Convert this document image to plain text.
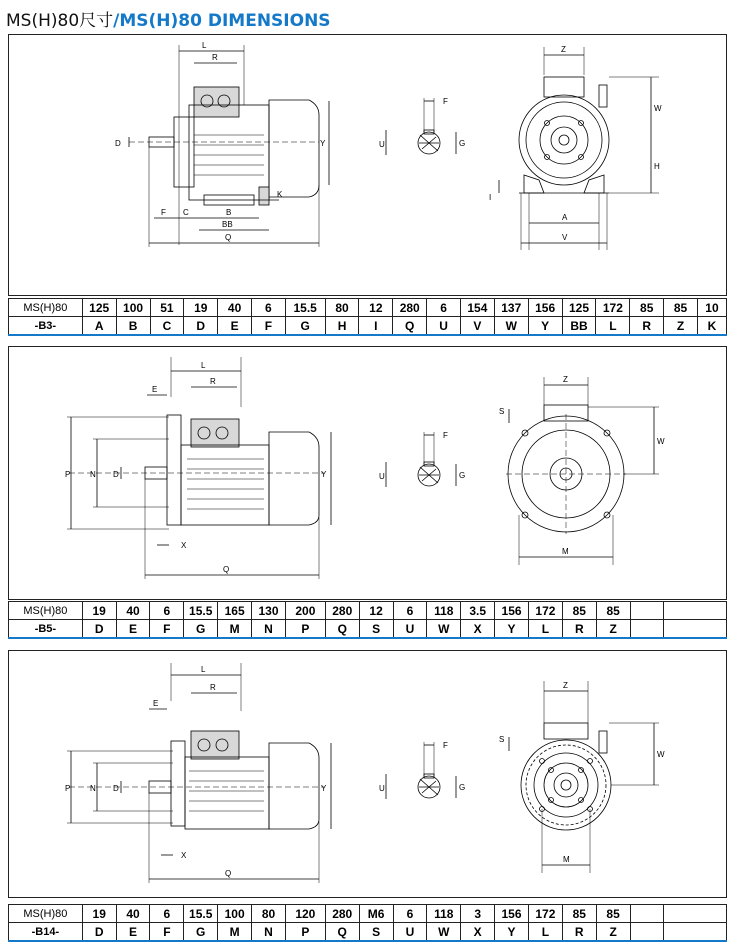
MS(H)80尺寸/MS(H)80 DIMENSIONS
L
R
D
F C	B
K
BB
Q
Y
F
U	G
Z
W
H
I
A
V
MS(H)80	125	100	51	19	40	6	15.5	80	12	280	6	154	137	156	125	172	85	85	10
-B3-	A	B	C	D	E	F	G	H	I	Q	U	V	W	Y	BB	L	R	Z	K
L
R
E
P N D
X
Q
Y
F
U	G
Z
S
W
M
MS(H)80	19	40	6	15.5	165	130	200	280	12	6	118	3.5	156	172	85	85		
-B5-	D	E	F	G	M	N	P	Q	S	U	W	X	Y	L	R	Z		
L
R
E
P N D
X
Q
Y
F
U	G
Z
S
W
M
MS(H)80	19	40	6	15.5	100	80	120	280	M6	6	118	3	156	172	85	85		
-B14-	D	E	F	G	M	N	P	Q	S	U	W	X	Y	L	R	Z		
